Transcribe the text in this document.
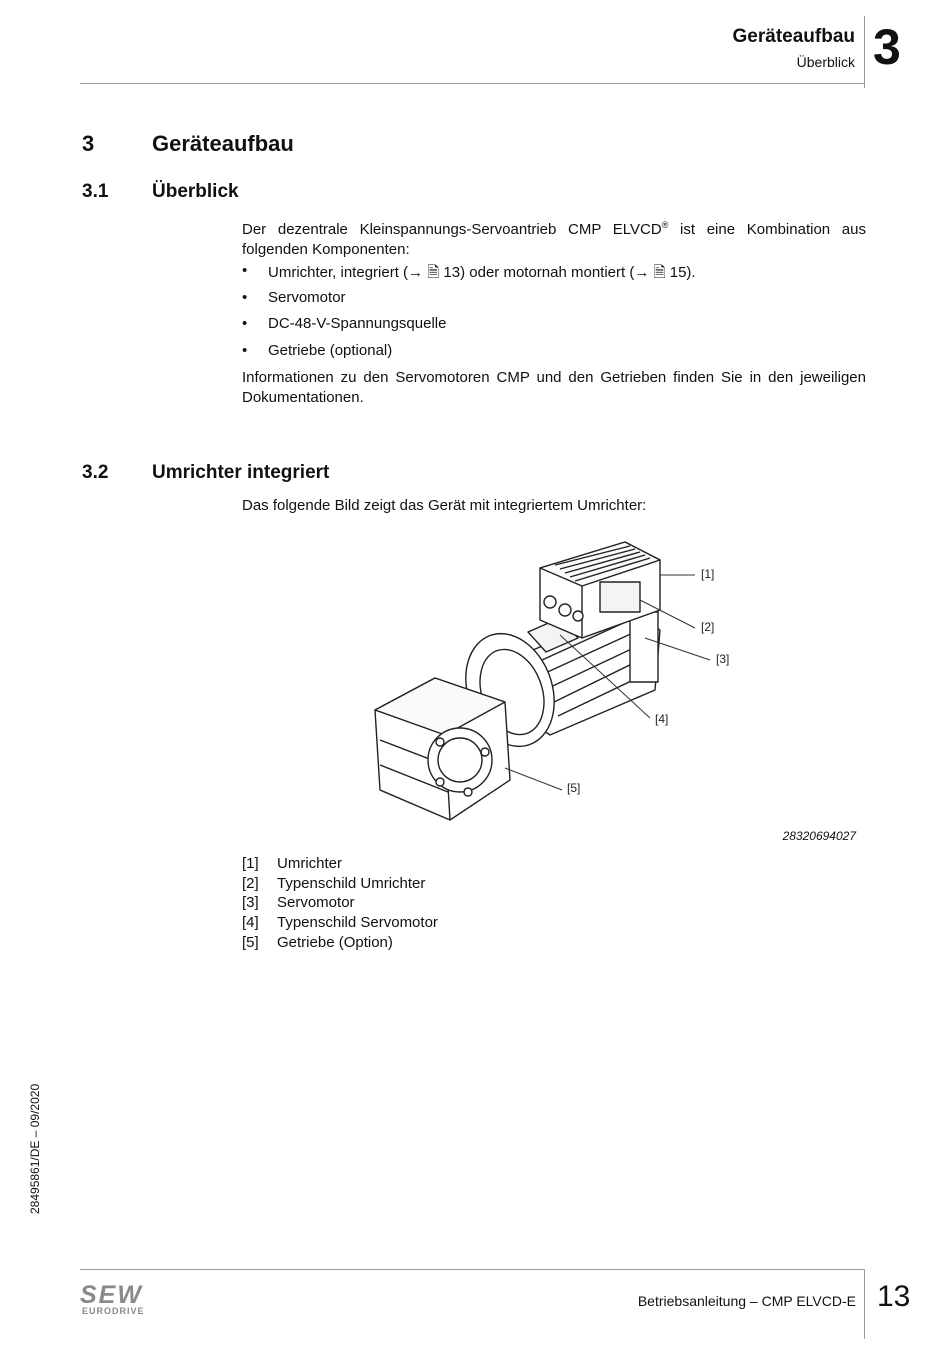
Geräteaufbau
Überblick 3
3	Geräteaufbau
3.1 Überblick
Der dezentrale Kleinspannungs-Servoantrieb CMP ELVCD® ist eine Kombination aus folgenden Komponenten:
• Umrichter, integriert (→ 🗎 13) oder motornah montiert (→ 🗎 15).
• Servomotor
• DC-48-V-Spannungsquelle
• Getriebe (optional)
Informationen zu den Servomotoren CMP und den Getrieben finden Sie in den jeweiligen Dokumentationen.
3.2 Umrichter integriert
Das folgende Bild zeigt das Gerät mit integriertem Umrichter:
[1]
[2]
[3]
[4]
[5]
28320694027
[1] Umrichter
[2] Typenschild Umrichter
[3] Servomotor
[4] Typenschild Servomotor
[5] Getriebe (Option)
28495861/DE – 09/2020
SEW
EURODRIVE
Betriebsanleitung – CMP ELVCD-E 13
